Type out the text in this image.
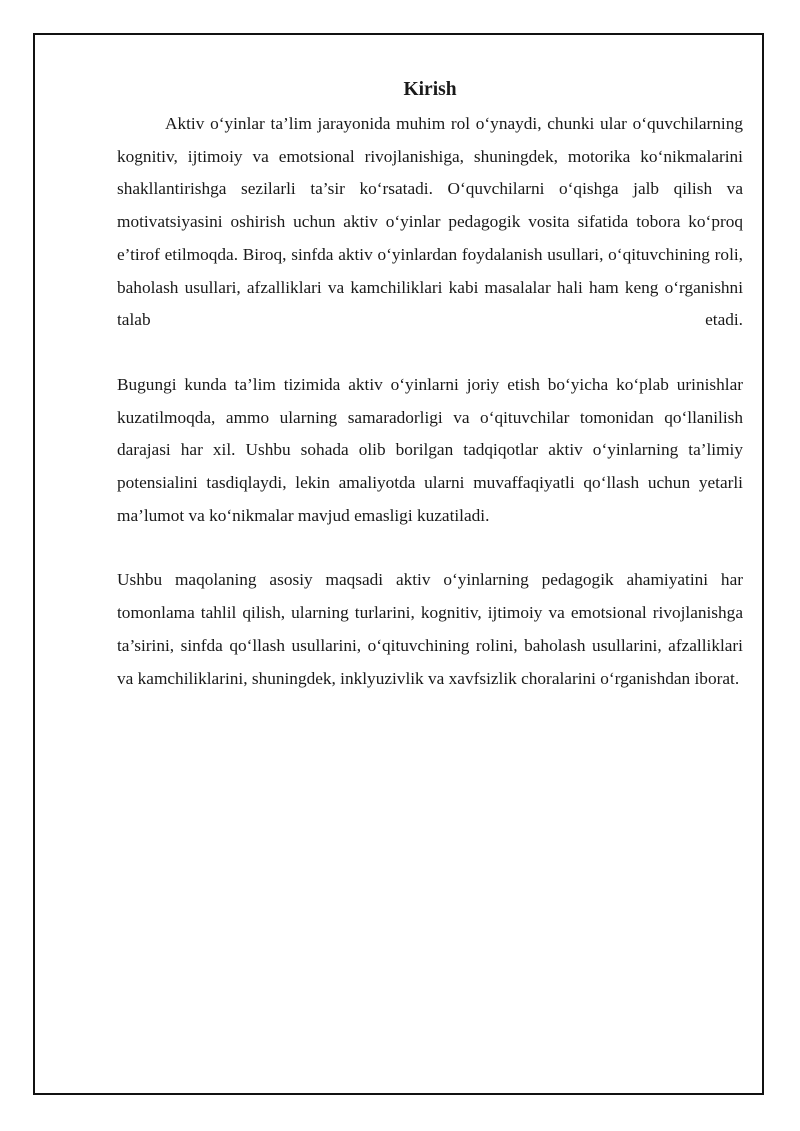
Kirish

Aktiv o‘yinlar ta’lim jarayonida muhim rol o‘ynaydi, chunki ular o‘quvchilarning kognitiv, ijtimoiy va emotsional rivojlanishiga, shuningdek, motorika ko‘nikmalarini shakllantirishga sezilarli ta’sir ko‘rsatadi. O‘quvchilarni o‘qishga jalb qilish va motivatsiyasini oshirish uchun aktiv o‘yinlar pedagogik vosita sifatida tobora ko‘proq e’tirof etilmoqda. Biroq, sinfda aktiv o‘yinlardan foydalanish usullari, o‘qituvchining roli, baholash usullari, afzalliklari va kamchiliklari kabi masalalar hali ham keng o‘rganishni talab etadi.

Bugungi kunda ta’lim tizimida aktiv o‘yinlarni joriy etish bo‘yicha ko‘plab urinishlar kuzatilmoqda, ammo ularning samaradorligi va o‘qituvchilar tomonidan qo‘llanilish darajasi har xil. Ushbu sohada olib borilgan tadqiqotlar aktiv o‘yinlarning ta’limiy potensialini tasdiqlaydi, lekin amaliyotda ularni muvaffaqiyatli qo‘llash uchun yetarli ma’lumot va ko‘nikmalar mavjud emasligi kuzatiladi.

Ushbu maqolaning asosiy maqsadi aktiv o‘yinlarning pedagogik ahamiyatini har tomonlama tahlil qilish, ularning turlarini, kognitiv, ijtimoiy va emotsional rivojlanishga ta’sirini, sinfda qo‘llash usullarini, o‘qituvchining rolini, baholash usullarini, afzalliklari va kamchiliklarini, shuningdek, inklyuzivlik va xavfsizlik choralarini o‘rganishdan iborat.
